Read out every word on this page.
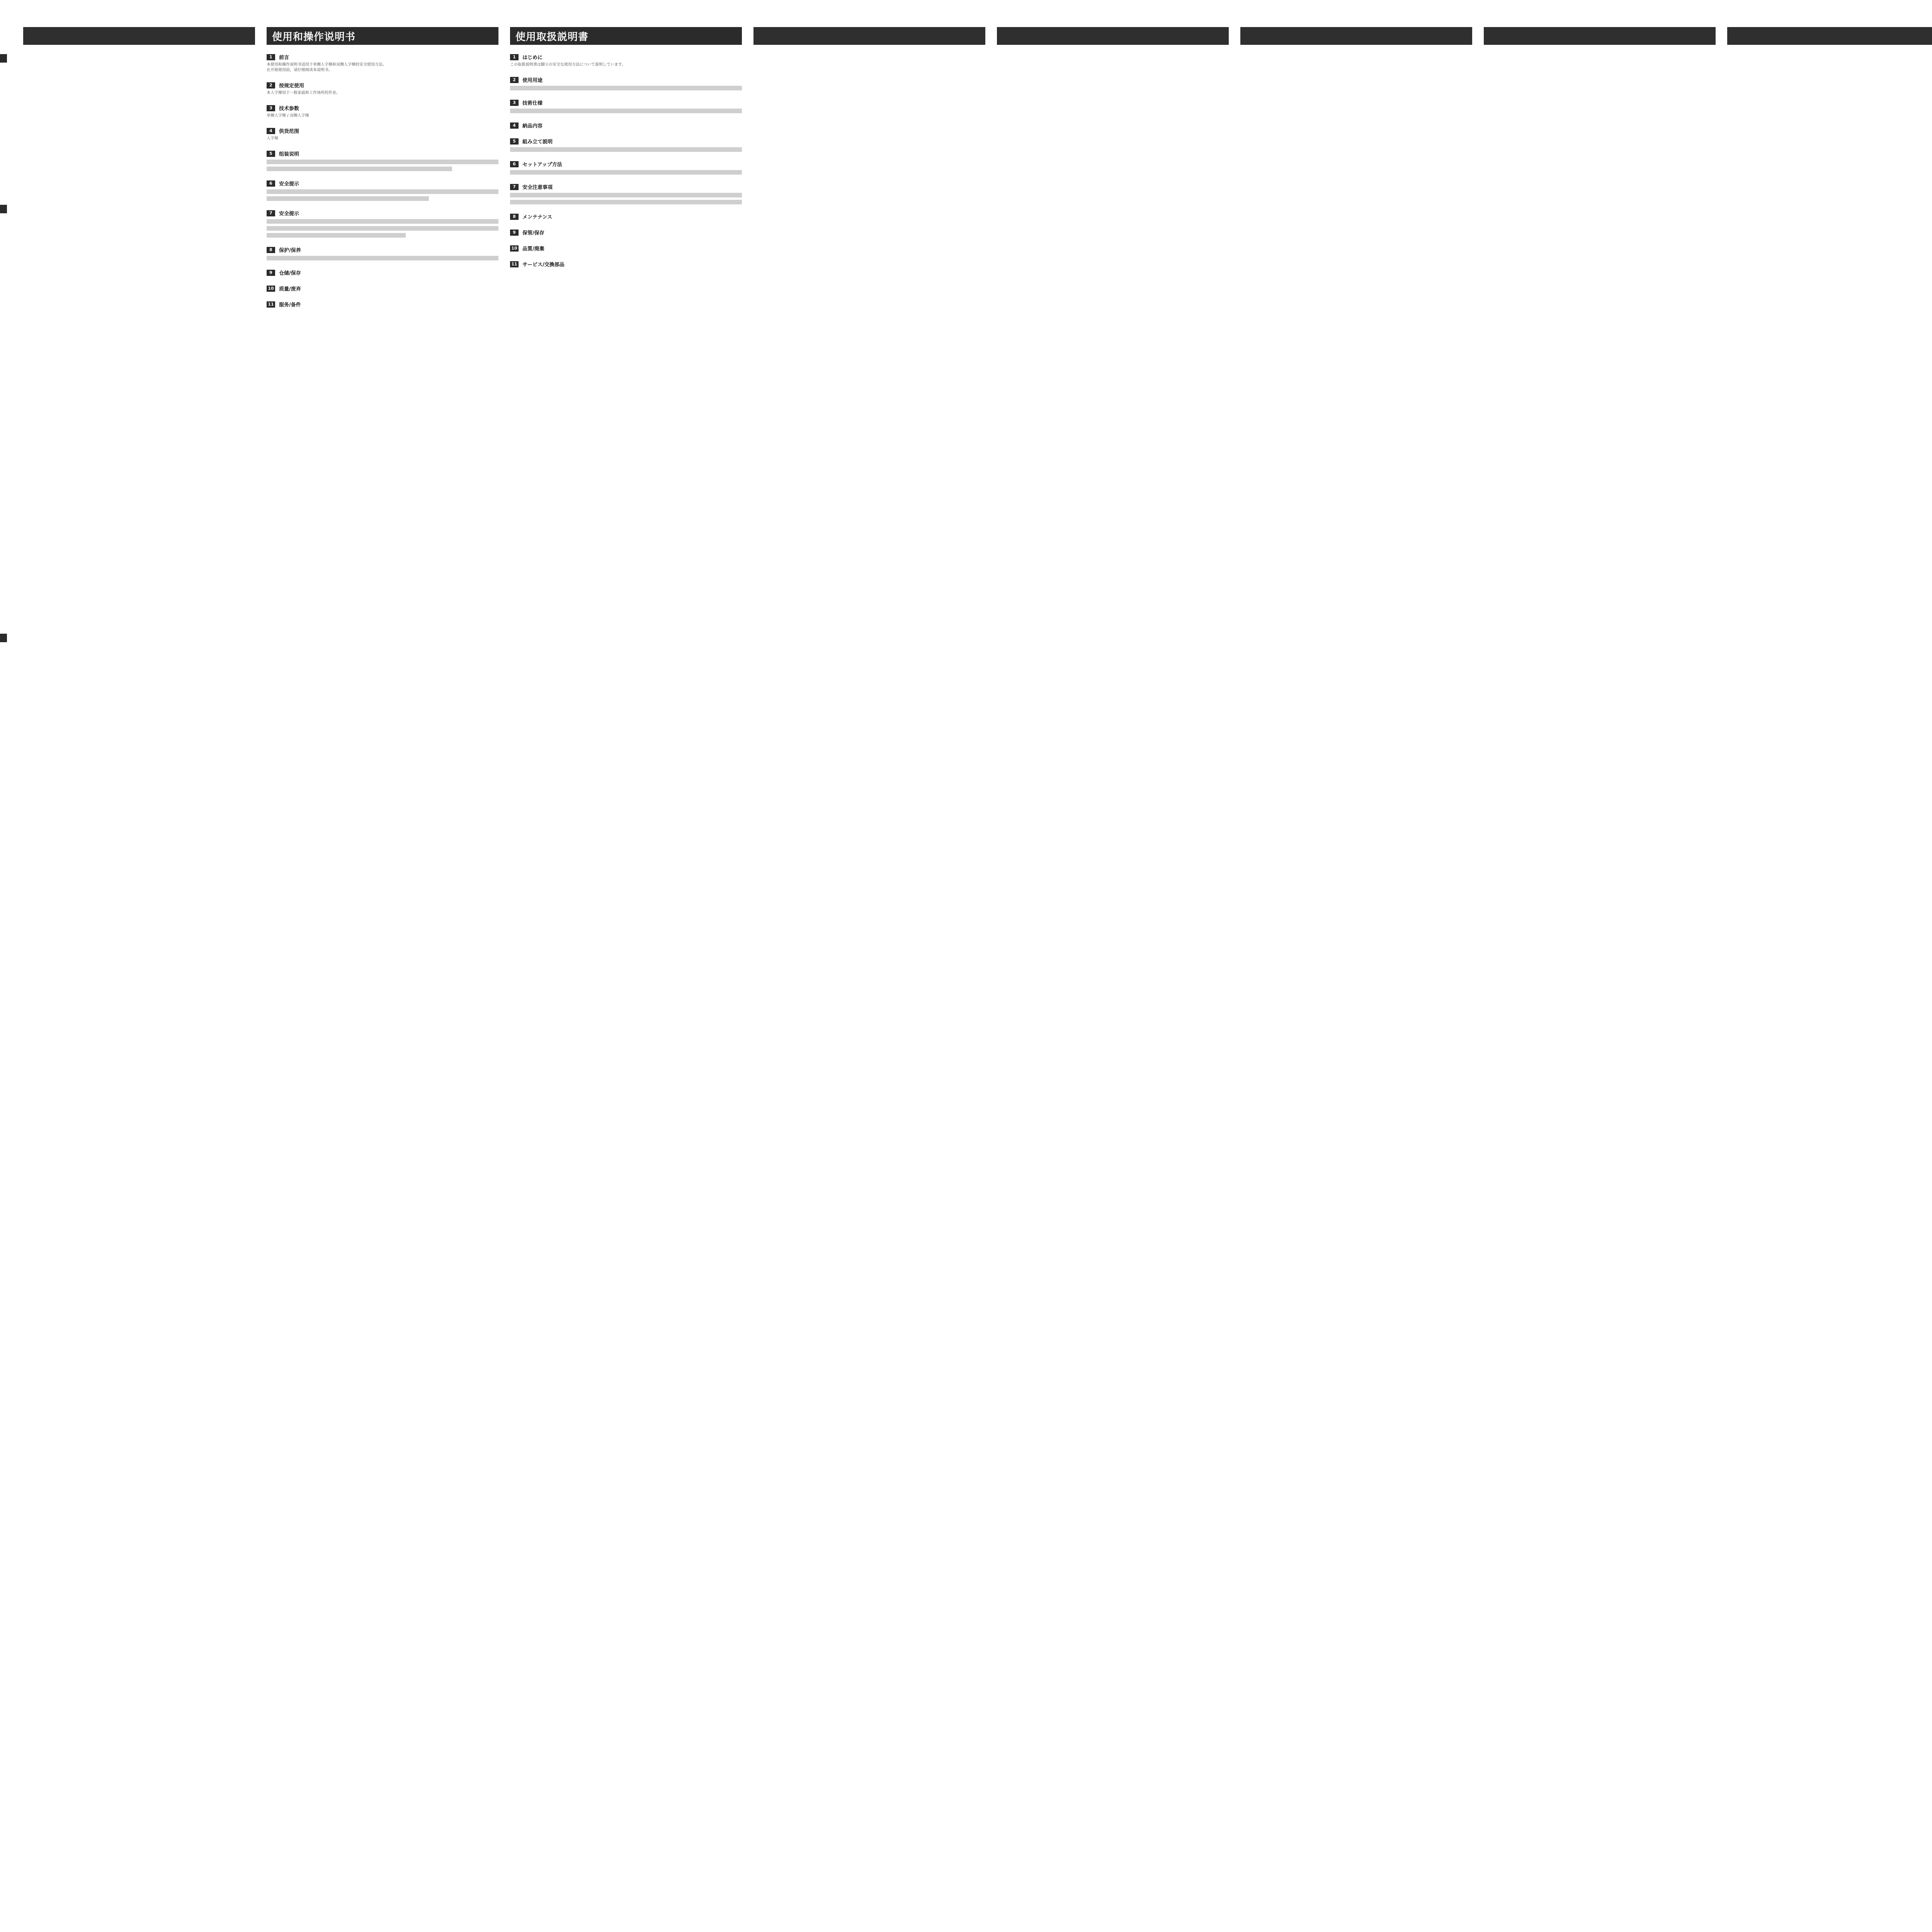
使用和操作说明书
1	前言
本使用和操作说明书适用于单侧人字梯和双侧人字梯的安全使用方法。
在开始使用前，请仔细阅读本说明书。
2	按规定使用
本人字梯用于一般家庭和工作场所的作业。
3	技术参数
单侧人字梯 / 双侧人字梯
4	供货范围
人字梯
5	组装说明
6	安全提示
7	安全提示
8	保护/保养
9	仓储/保存
10 质量/废弃
11 服务/备件
使用取扱説明書
1	はじめに
この取扱説明書は脚立の安全な使用方法について説明しています。
2	使用用途
3	技術仕様
4	納品内容
5	組み立て説明
6	セットアップ方法
7	安全注意事項
8	メンテナンス
9	保管/保存
10 品質/廃棄
11 サービス/交換部品
